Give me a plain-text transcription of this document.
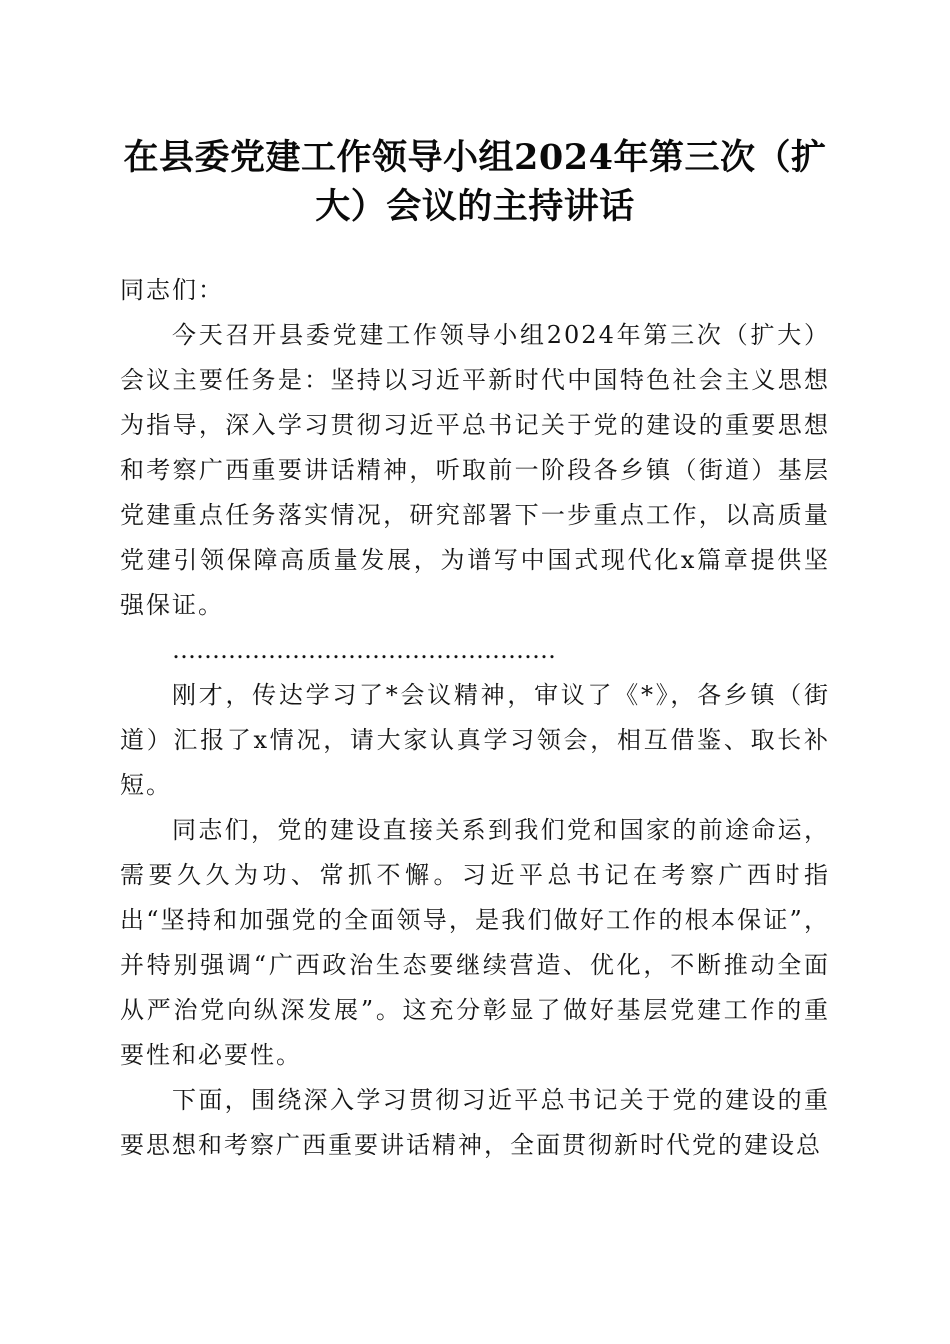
在县委党建工作领导小组2024年第三次（扩大）会议的主持讲话

同志们：

今天召开县委党建工作领导小组2024年第三次（扩大）会议主要任务是：坚持以习近平新时代中国特色社会主义思想为指导，深入学习贯彻习近平总书记关于党的建设的重要思想和考察广西重要讲话精神，听取前一阶段各乡镇（街道）基层党建重点任务落实情况，研究部署下一步重点工作，以高质量党建引领保障高质量发展，为谱写中国式现代化x篇章提供坚强保证。

…………………………………………

刚才，传达学习了*会议精神，审议了《*》，各乡镇（街道）汇报了x情况，请大家认真学习领会，相互借鉴、取长补短。

同志们，党的建设直接关系到我们党和国家的前途命运，需要久久为功、常抓不懈。习近平总书记在考察广西时指出“坚持和加强党的全面领导，是我们做好工作的根本保证”，并特别强调“广西政治生态要继续营造、优化，不断推动全面从严治党向纵深发展”。这充分彰显了做好基层党建工作的重要性和必要性。

下面，围绕深入学习贯彻习近平总书记关于党的建设的重要思想和考察广西重要讲话精神，全面贯彻新时代党的建设总
